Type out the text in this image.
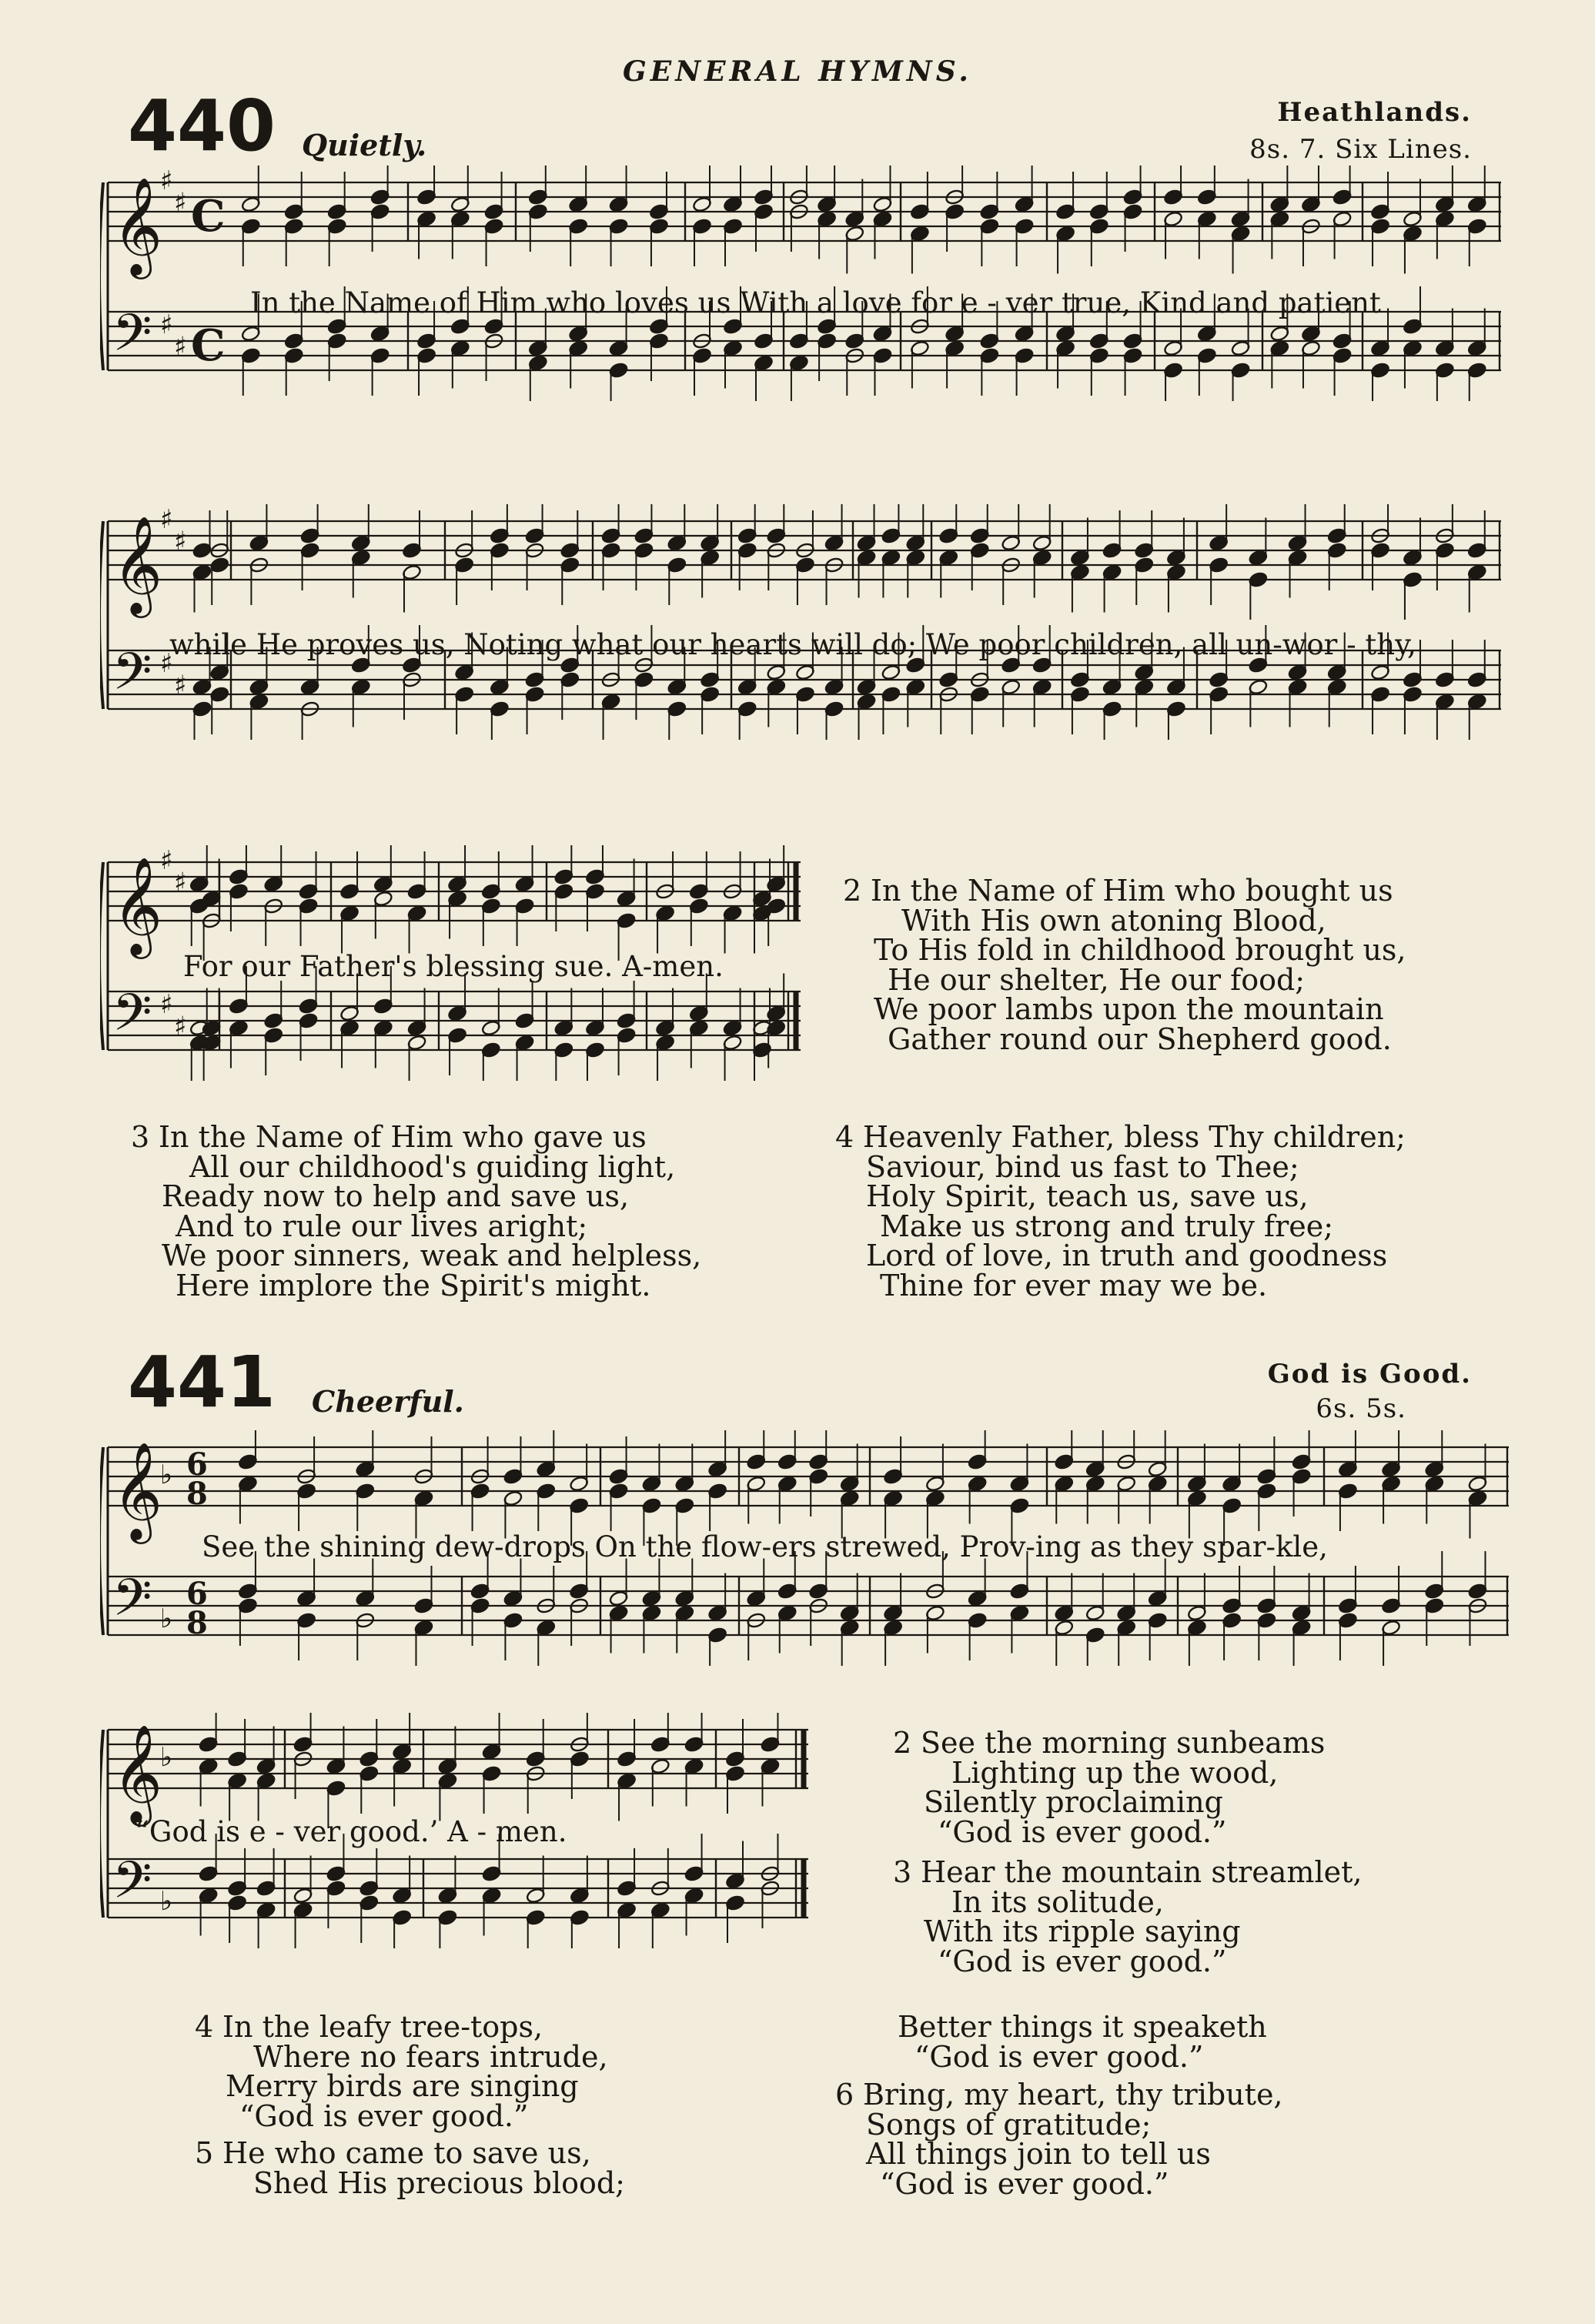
GENERAL HYMNS.
440 Quietly.
Heathlands.
8s. 7. Six Lines.
𝄞
𝄢
♯
♯
♯
♯
C
C
In the Name of Him who loves us With a love for e - ver true, Kind and patient
𝄞
𝄢
♯
♯
♯
♯
while He proves us, Noting what our hearts will do; We poor children, all un-wor - thy,
𝄞
𝄢
♯
♯
♯
♯
For our Father's blessing sue. A-men.
2 In the Name of Him who bought us
With His own atoning Blood,
To His fold in childhood brought us,
He our shelter, He our food;
We poor lambs upon the mountain
Gather round our Shepherd good.
3 In the Name of Him who gave us
All our childhood's guiding light,
Ready now to help and save us,
And to rule our lives aright;
We poor sinners, weak and helpless,
Here implore the Spirit's might.
4 Heavenly Father, bless Thy children;
Saviour, bind us fast to Thee;
Holy Spirit, teach us, save us,
Make us strong and truly free;
Lord of love, in truth and goodness
Thine for ever may we be.
441 Cheerful.
God is Good.
6s. 5s.
𝄞
𝄢
♭
♭
6
8
6
8
See the shining dew-drops On the flow-ers strewed, Prov-ing as they spar-kle,
𝄞
𝄢
♭
♭
“God is e - ver good.’ A - men.
2 See the morning sunbeams
Lighting up the wood,
Silently proclaiming
“God is ever good.”
3 Hear the mountain streamlet,
In its solitude,
With its ripple saying
“God is ever good.”
4 In the leafy tree-tops,
Where no fears intrude,
Merry birds are singing
“God is ever good.”
5 He who came to save us,
Shed His precious blood;
Better things it speaketh
“God is ever good.”
6 Bring, my heart, thy tribute,
Songs of gratitude;
All things join to tell us
“God is ever good.”
